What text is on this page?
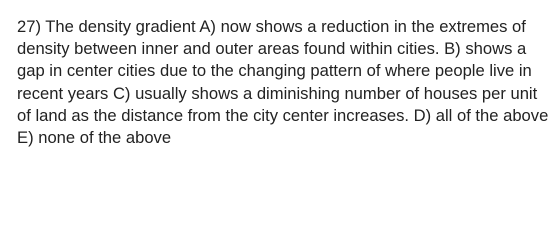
27) The density gradient A) now shows a reduction in the extremes of density between inner and outer areas found within cities. B) shows a gap in center cities due to the changing pattern of where people live in recent years C) usually shows a diminishing number of houses per unit of land as the distance from the city center increases. D) all of the above E) none of the above
